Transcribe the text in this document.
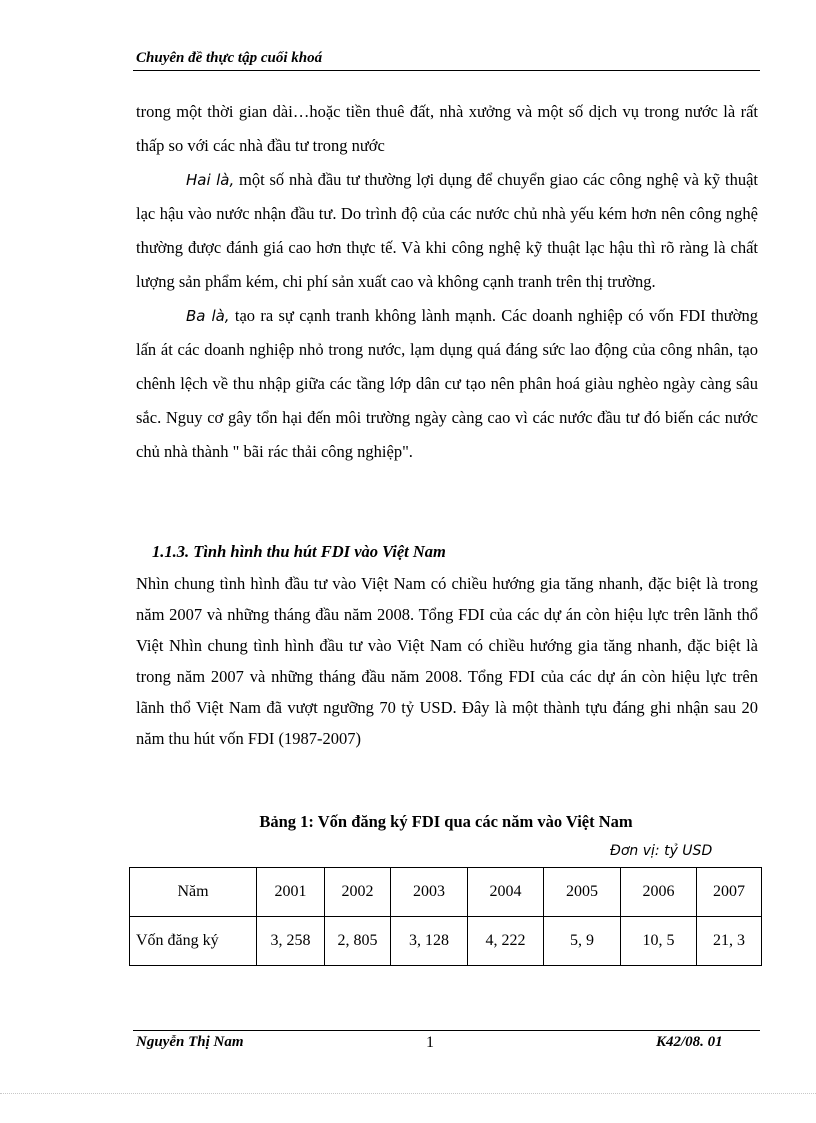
Chuyên đề thực tập cuối khoá

trong một thời gian dài…hoặc tiền thuê đất, nhà xưởng và một số dịch vụ trong nước là rất thấp so với các nhà đầu tư trong nước

Hai là, một số nhà đầu tư thường lợi dụng để chuyển giao các công nghệ và kỹ thuật lạc hậu vào nước nhận đầu tư. Do trình độ của các nước chủ nhà yếu kém hơn nên công nghệ thường được đánh giá cao hơn thực tế. Và khi công nghệ kỹ thuật lạc hậu thì rõ ràng là chất lượng sản phẩm kém, chi phí sản xuất cao và không cạnh tranh trên thị trường.

Ba là, tạo ra sự cạnh tranh không lành mạnh. Các doanh nghiệp có vốn FDI thường lấn át các doanh nghiệp nhỏ trong nước, lạm dụng quá đáng sức lao động của công nhân, tạo chênh lệch về thu nhập giữa các tầng lớp dân cư tạo nên phân hoá giàu nghèo ngày càng sâu sắc. Nguy cơ gây tổn hại đến môi trường ngày càng cao vì các nước đầu tư đó biến các nước chủ nhà thành " bãi rác thải công nghiệp".

1.1.3. Tình hình thu hút FDI vào Việt Nam

Nhìn chung tình hình đầu tư vào Việt Nam có chiều hướng gia tăng nhanh, đặc biệt là trong năm 2007 và những tháng đầu năm 2008. Tổng FDI của các dự án còn hiệu lực trên lãnh thổ Việt Nhìn chung tình hình đầu tư vào Việt Nam có chiều hướng gia tăng nhanh, đặc biệt là trong năm 2007 và những tháng đầu năm 2008. Tổng FDI của các dự án còn hiệu lực trên lãnh thổ Việt Nam đã vượt ngưỡng 70 tỷ USD. Đây là một thành tựu đáng ghi nhận sau 20 năm thu hút vốn FDI (1987-2007)

Bảng 1: Vốn đăng ký FDI qua các năm vào Việt Nam
Đơn vị: tỷ USD
Năm	2001	2002	2003	2004	2005	2006	2007
Vốn đăng ký	3, 258	2, 805	3, 128	4, 222	5, 9	10, 5	21, 3
Nguyễn Thị Nam	1	K42/08. 01
